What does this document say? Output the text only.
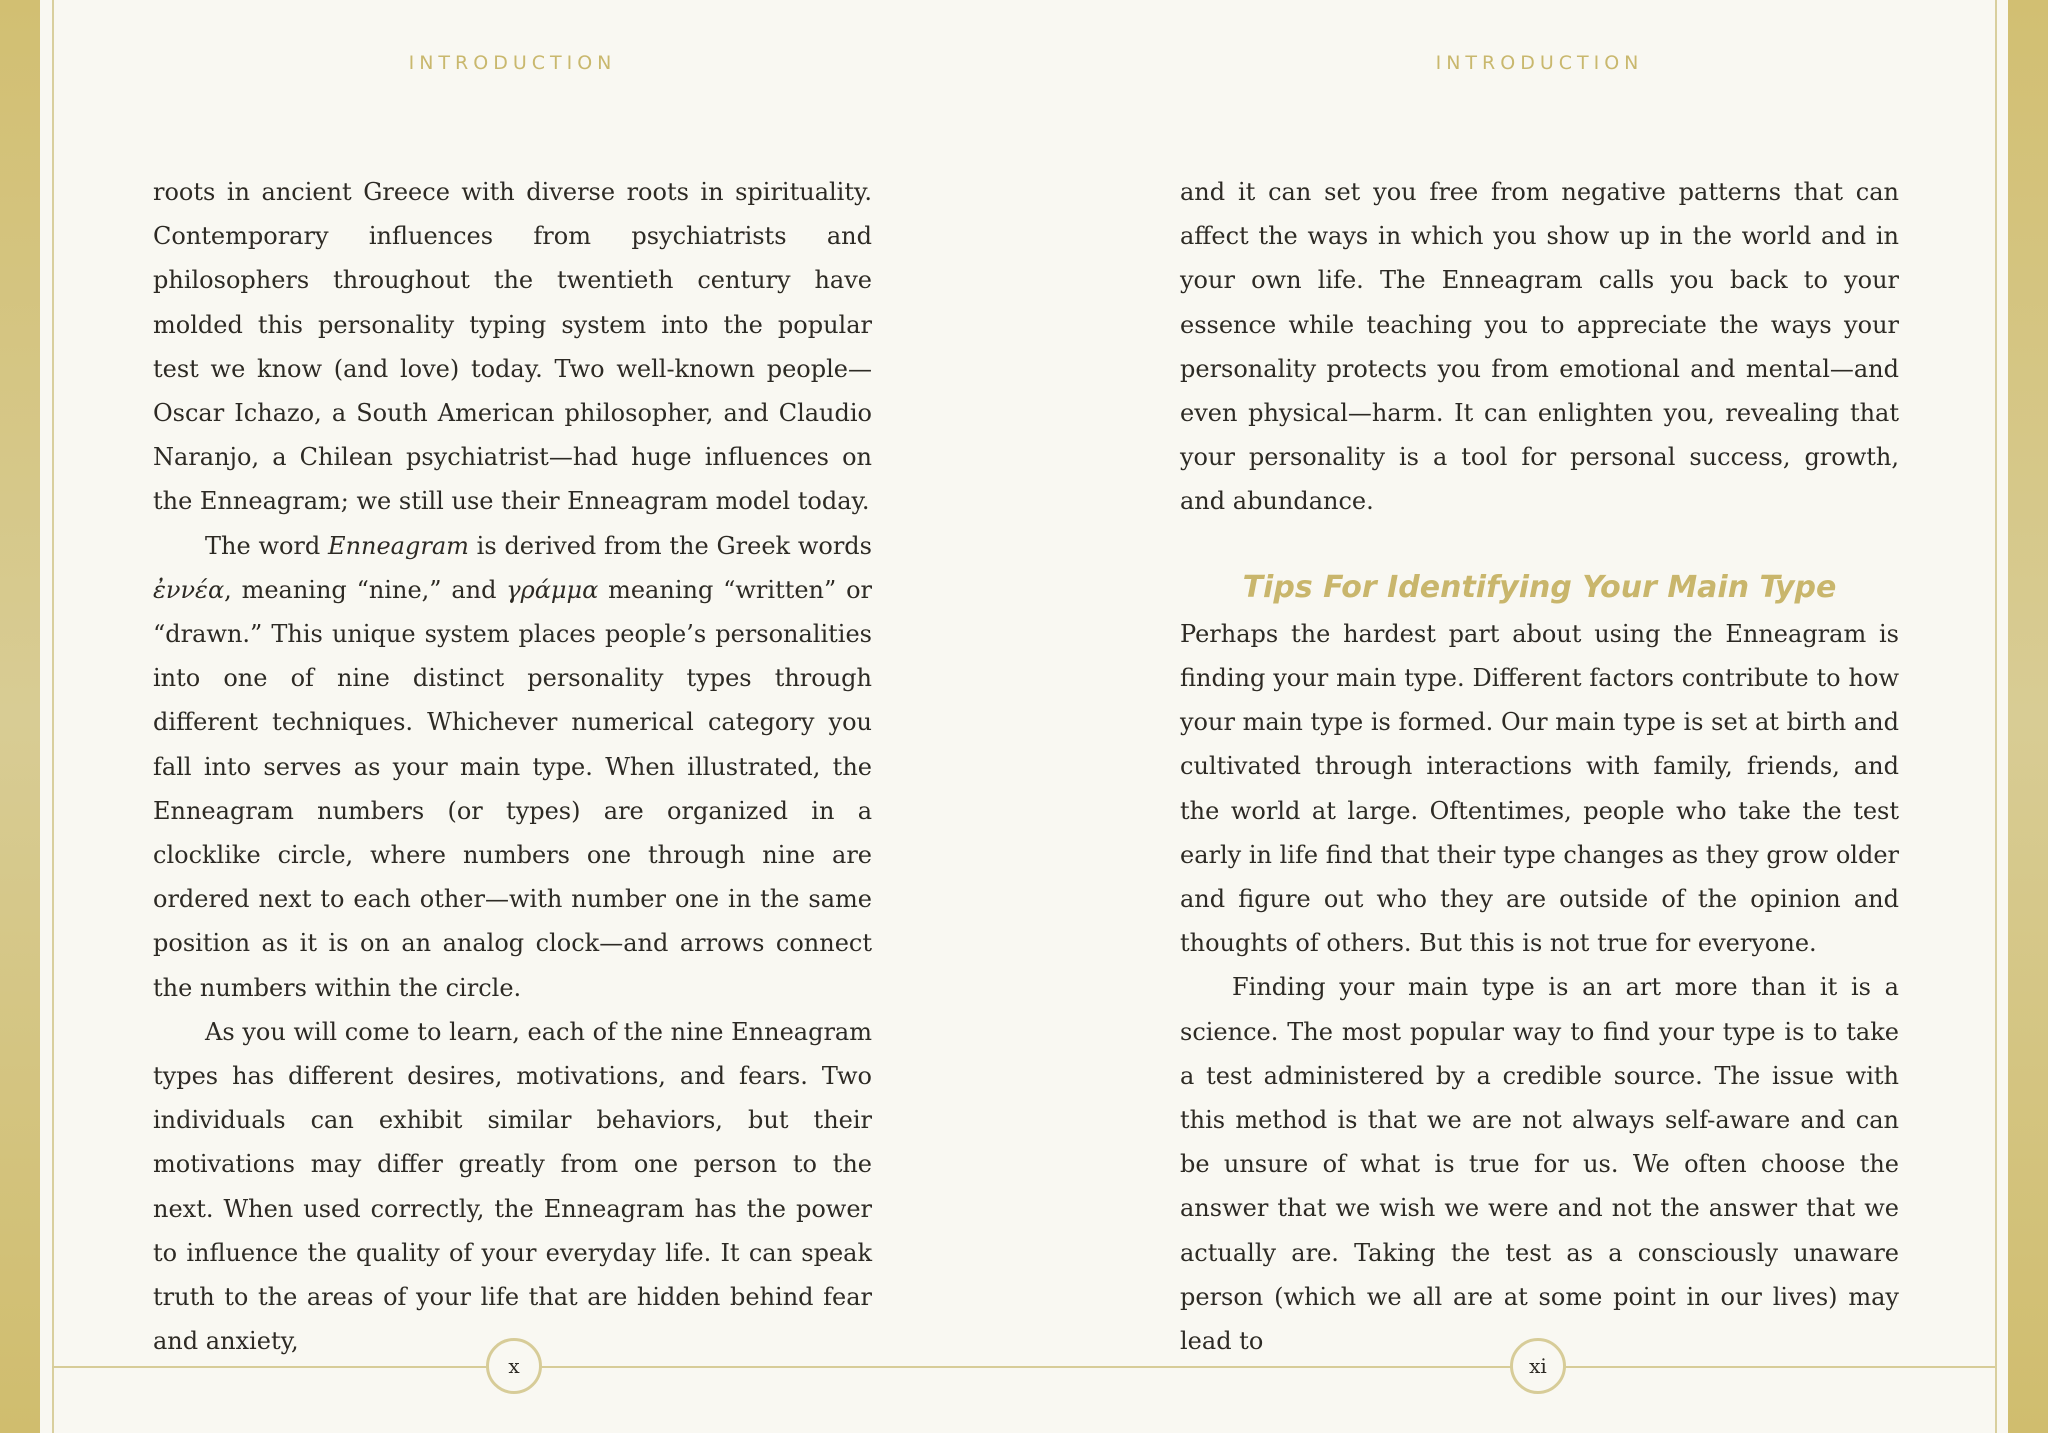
INTRODUCTION

roots in ancient Greece with diverse roots in spirituality. Contemporary influences from psychiatrists and philosophers throughout the twentieth century have molded this personality typing system into the popular test we know (and love) today. Two well-known people—Oscar Ichazo, a South American philosopher, and Claudio Naranjo, a Chilean psychiatrist—had huge influences on the Enneagram; we still use their Enneagram model today.

The word Enneagram is derived from the Greek words ἐννέα, meaning “nine,” and γράμμα meaning “written” or “drawn.” This unique system places people’s personalities into one of nine distinct personality types through different techniques. Whichever numerical category you fall into serves as your main type. When illustrated, the Enneagram numbers (or types) are organized in a clocklike circle, where numbers one through nine are ordered next to each other—with number one in the same position as it is on an analog clock—and arrows connect the numbers within the circle.

As you will come to learn, each of the nine Enneagram types has different desires, motivations, and fears. Two individuals can exhibit similar behaviors, but their motivations may differ greatly from one person to the next. When used correctly, the Enneagram has the power to influence the quality of your everyday life. It can speak truth to the areas of your life that are hidden behind fear and anxiety,

INTRODUCTION

and it can set you free from negative patterns that can affect the ways in which you show up in the world and in your own life. The Enneagram calls you back to your essence while teaching you to appreciate the ways your personality protects you from emotional and mental—and even physical—harm. It can enlighten you, revealing that your personality is a tool for personal success, growth, and abundance.

Tips For Identifying Your Main Type

Perhaps the hardest part about using the Enneagram is finding your main type. Different factors contribute to how your main type is formed. Our main type is set at birth and cultivated through interactions with family, friends, and the world at large. Oftentimes, people who take the test early in life find that their type changes as they grow older and figure out who they are outside of the opinion and thoughts of others. But this is not true for everyone.

Finding your main type is an art more than it is a science. The most popular way to find your type is to take a test administered by a credible source. The issue with this method is that we are not always self-aware and can be unsure of what is true for us. We often choose the answer that we wish we were and not the answer that we actually are. Taking the test as a consciously unaware person (which we all are at some point in our lives) may lead to

x	xi
